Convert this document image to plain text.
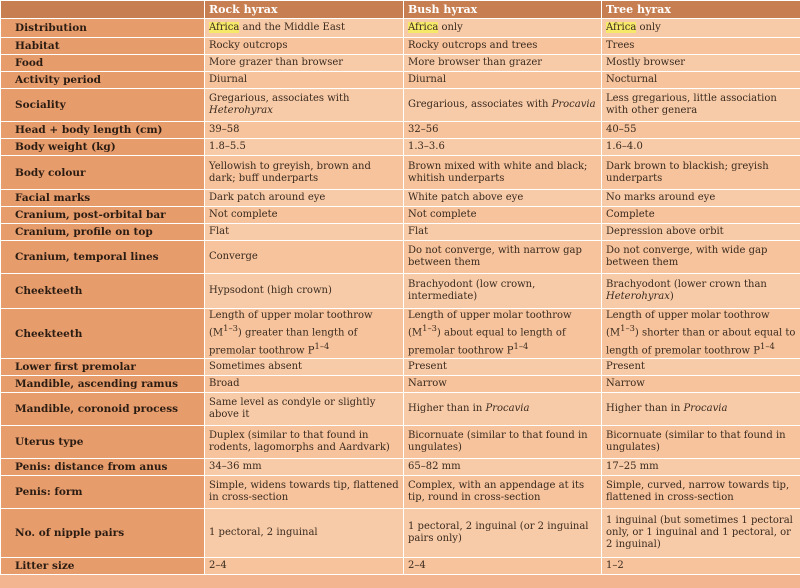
	Rock hyrax	Bush hyrax	Tree hyrax
Distribution	Africa and the Middle East	Africa only	Africa only
Habitat	Rocky outcrops	Rocky outcrops and trees	Trees
Food	More grazer than browser	More browser than grazer	Mostly browser
Activity period	Diurnal	Diurnal	Nocturnal
Sociality	Gregarious, associates with Heterohyrax	Gregarious, associates with Procavia	Less gregarious, little association with other genera
Head + body length (cm)	39–58	32–56	40–55
Body weight (kg)	1.8–5.5	1.3–3.6	1.6–4.0
Body colour	Yellowish to greyish, brown and dark; buff underparts	Brown mixed with white and black; whitish underparts	Dark brown to blackish; greyish underparts
Facial marks	Dark patch around eye	White patch above eye	No marks around eye
Cranium, post-orbital bar	Not complete	Not complete	Complete
Cranium, profile on top	Flat	Flat	Depression above orbit
Cranium, temporal lines	Converge	Do not converge, with narrow gap between them	Do not converge, with wide gap between them
Cheekteeth	Hypsodont (high crown)	Brachyodont (low crown, intermediate)	Brachyodont (lower crown than Heterohyrax)
Cheekteeth	Length of upper molar toothrow $(M^{1-3})$ greater than length of premolar toothrow $P^{1-4}$	Length of upper molar toothrow $(M^{1-3})$ about equal to length of premolar toothrow $P^{1-4}$	Length of upper molar toothrow $(M^{1-3})$ shorter than or about equal to length of premolar toothrow $P^{1-4}$
Lower first premolar	Sometimes absent	Present	Present
Mandible, ascending ramus	Broad	Narrow	Narrow
Mandible, coronoid process	Same level as condyle or slightly above it	Higher than in Procavia	Higher than in Procavia
Uterus type	Duplex (similar to that found in rodents, lagomorphs and Aardvark)	Bicornuate (similar to that found in ungulates)	Bicornuate (similar to that found in ungulates)
Penis: distance from anus	34–36 mm	65–82 mm	17–25 mm
Penis: form	Simple, widens towards tip, flattened in cross-section	Complex, with an appendage at its tip, round in cross-section	Simple, curved, narrow towards tip, flattened in cross-section
No. of nipple pairs	1 pectoral, 2 inguinal	1 pectoral, 2 inguinal (or 2 inguinal pairs only)	1 inguinal (but sometimes 1 pectoral only, or 1 inguinal and 1 pectoral, or 2 inguinal)
Litter size	2–4	2–4	1–2
